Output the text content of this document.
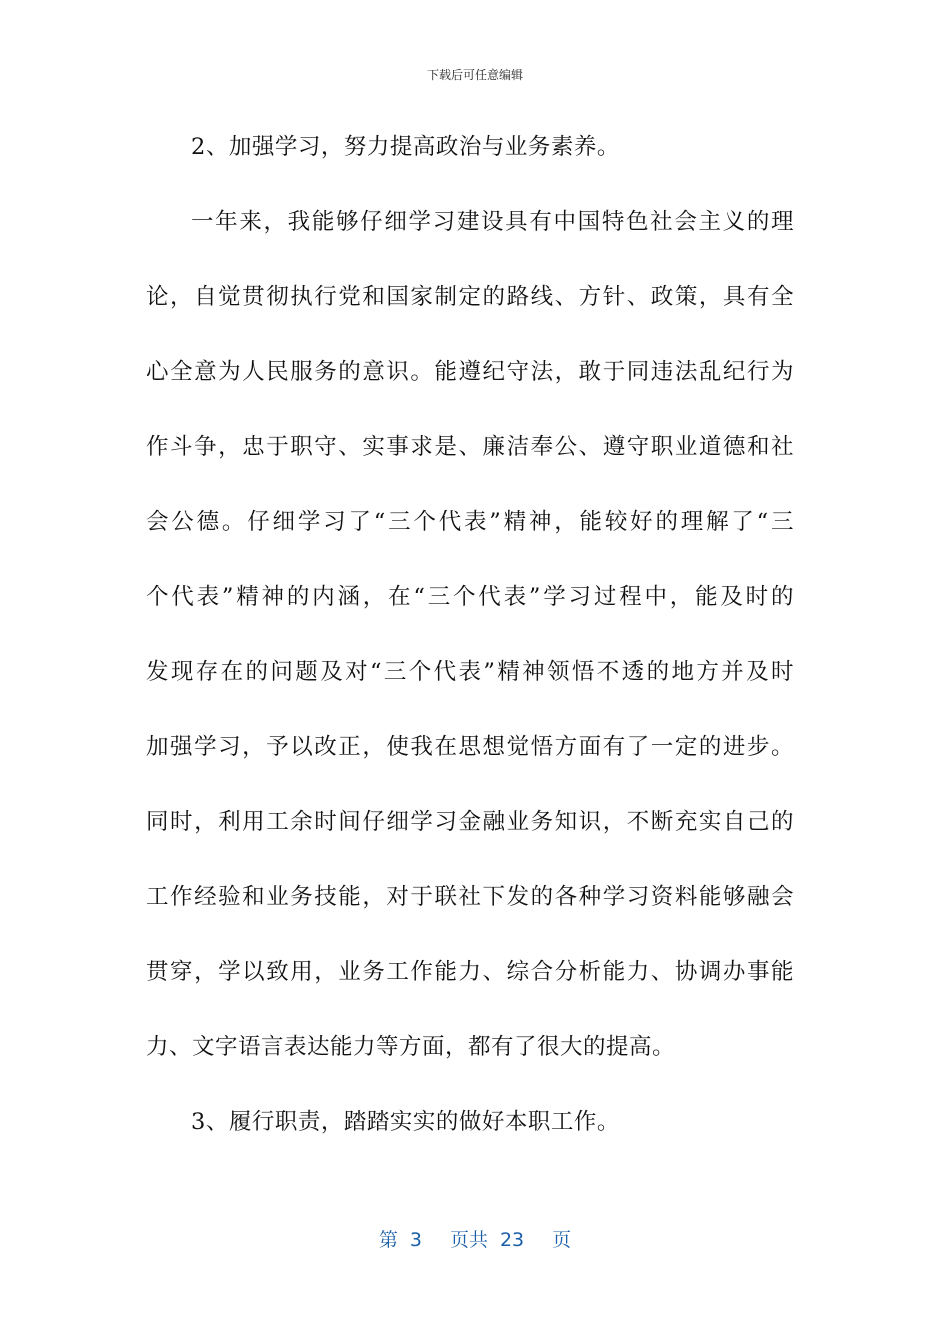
下载后可任意编辑
2、加强学习，努力提高政治与业务素养。
一年来，我能够仔细学习建设具有中国特色社会主义的理
论，自觉贯彻执行党和国家制定的路线、方针、政策，具有全
心全意为人民服务的意识。能遵纪守法，敢于同违法乱纪行为
作斗争，忠于职守、实事求是、廉洁奉公、遵守职业道德和社
会公德。仔细学习了“三个代表”精神，能较好的理解了“三
个代表”精神的内涵，在“三个代表”学习过程中，能及时的
发现存在的问题及对“三个代表”精神领悟不透的地方并及时
加强学习，予以改正，使我在思想觉悟方面有了一定的进步。
同时，利用工余时间仔细学习金融业务知识，不断充实自己的
工作经验和业务技能，对于联社下发的各种学习资料能够融会
贯穿，学以致用，业务工作能力、综合分析能力、协调办事能
力、文字语言表达能力等方面，都有了很大的提高。
3、履行职责，踏踏实实的做好本职工作。
第 3 页共 23 页
